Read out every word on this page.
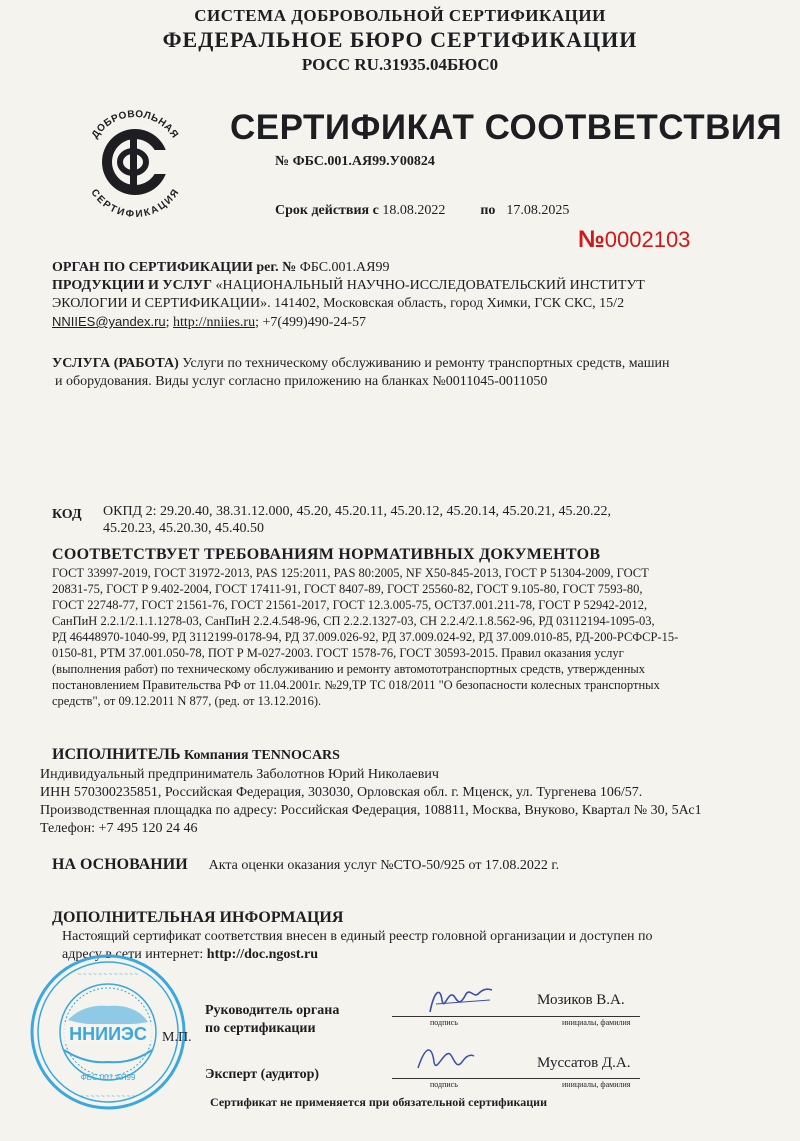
СИСТЕМА ДОБРОВОЛЬНОЙ СЕРТИФИКАЦИИ
ФЕДЕРАЛЬНОЕ БЮРО СЕРТИФИКАЦИИ
РОСС RU.31935.04БЮС0
ДОБРОВОЛЬНАЯ
СЕРТИФИКАЦИЯ
СЕРТИФИКАТ СООТВЕТСТВИЯ
№ ФБС.001.АЯ99.У00824
Срок действия с 18.08.2022	по 17.08.2025
№0002103
ОРГАН ПО СЕРТИФИКАЦИИ рег. № ФБС.001.АЯ99
ПРОДУКЦИИ И УСЛУГ «НАЦИОНАЛЬНЫЙ НАУЧНО-ИССЛЕДОВАТЕЛЬСКИЙ ИНСТИТУТ
ЭКОЛОГИИ И СЕРТИФИКАЦИИ». 141402, Московская область, город Химки, ГСК СКС, 15/2
NNIIES@yandex.ru; http://nniies.ru; +7(499)490-24-57
УСЛУГА (РАБОТА) Услуги по техническому обслуживанию и ремонту транспортных средств, машин
и оборудования. Виды услуг согласно приложению на бланках №0011045-0011050
КОД ОКПД 2: 29.20.40, 38.31.12.000, 45.20, 45.20.11, 45.20.12, 45.20.14, 45.20.21, 45.20.22,
45.20.23, 45.20.30, 45.40.50
СООТВЕТСТВУЕТ ТРЕБОВАНИЯМ НОРМАТИВНЫХ ДОКУМЕНТОВ
ГОСТ 33997-2019, ГОСТ 31972-2013, PAS 125:2011, PAS 80:2005, NF X50-845-2013, ГОСТ Р 51304-2009, ГОСТ
20831-75, ГОСТ Р 9.402-2004, ГОСТ 17411-91, ГОСТ 8407-89, ГОСТ 25560-82, ГОСТ 9.105-80, ГОСТ 7593-80,
ГОСТ 22748-77, ГОСТ 21561-76, ГОСТ 21561-2017, ГОСТ 12.3.005-75, ОСТ37.001.211-78, ГОСТ Р 52942-2012,
СанПиН 2.2.1/2.1.1.1278-03, СанПиН 2.2.4.548-96, СП 2.2.2.1327-03, СН 2.2.4/2.1.8.562-96, РД 03112194-1095-03,
РД 46448970-1040-99, РД 3112199-0178-94, РД 37.009.026-92, РД 37.009.024-92, РД 37.009.010-85, РД-200-РСФСР-15-
0150-81, РТМ 37.001.050-78, ПОТ Р М-027-2003. ГОСТ 1578-76, ГОСТ 30593-2015. Правил оказания услуг
(выполнения работ) по техническому обслуживанию и ремонту автомототранспортных средств, утвержденных
постановлением Правительства РФ от 11.04.2001г. №29,ТР ТС 018/2011 "О безопасности колесных транспортных
средств", от 09.12.2011 N 877, (ред. от 13.12.2016).
ИСПОЛНИТЕЛЬ Компания TENNOCARS
Индивидуальный предприниматель Заболотнов Юрий Николаевич
ИНН 570300235851, Российская Федерация, 303030, Орловская обл. г. Мценск, ул. Тургенева 106/57.
Производственная площадка по адресу: Российская Федерация, 108811, Москва, Внуково, Квартал № 30, 5Ас1
Телефон: +7 495 120 24 46
НА ОСНОВАНИИ Акта оценки оказания услуг №СТО-50/925 от 17.08.2022 г.
ДОПОЛНИТЕЛЬНАЯ ИНФОРМАЦИЯ
Настоящий сертификат соответствия внесен в единый реестр головной организации и доступен по
адресу в сети интернет: http://doc.ngost.ru
~ ~ ~ ~ ~ ~ ~ ~ ~ ~ ~ ~
~ ~ ~ ~ ~ ~ ~ ~ ~ ~ ~
ННИИЭС
ФБС.001.АЯ99
М.П.
Руководитель органа
по сертификации	подпись
Мозиков В.А.
инициалы, фамилия
Эксперт (аудитор)
подпись
Муссатов Д.А.
инициалы, фамилия
Сертификат не применяется при обязательной сертификации
